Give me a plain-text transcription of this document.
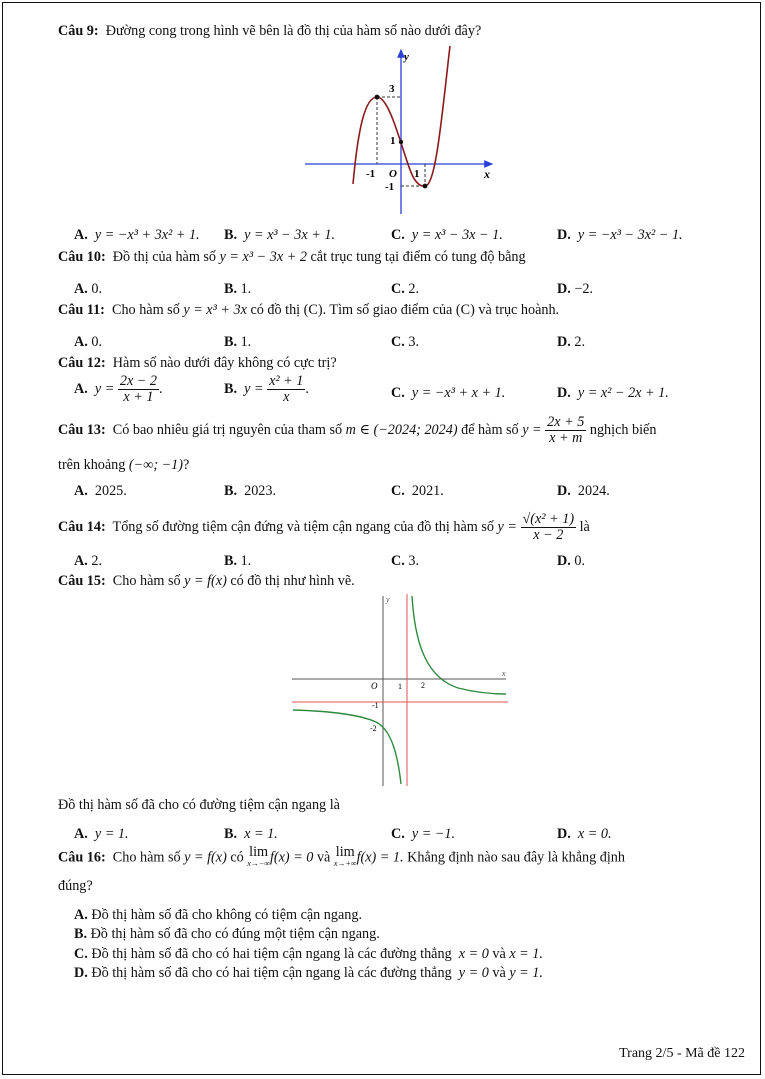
Câu 9: Đường cong trong hình vẽ bên là đồ thị của hàm số nào dưới đây?
y
x
3
1
-1 O 1
-1
A. y = −x³ + 3x² + 1. B. y = x³ − 3x + 1.	C. y = x³ − 3x − 1.	D. y = −x³ − 3x² − 1.
Câu 10: Đồ thị của hàm số y = x³ − 3x + 2 cắt trục tung tại điểm có tung độ bằng
A. 0.	B. 1.	C. 2.	D. −2.
Câu 11: Cho hàm số y = x³ + 3x có đồ thị (C). Tìm số giao điểm của (C) và trục hoành.
A. 0.	B. 1.	C. 3.	D. 2.
Câu 12: Hàm số nào dưới đây không có cực trị?
A. $y = \frac{2x - 2}{x + 1}$ .	B. $y = \frac{\text{x² + 1}}{x}$ .	C. y = −x³ + x + 1.	D. y = x² − 2x + 1.
Câu 13: Có bao nhiêu giá trị nguyên của tham số m ∈ (−2024; 2024) để hàm số $y = \frac{2x + 5}{x + m}$ nghịch biến
trên khoảng (−∞; −1)?
A. 2025.	B. 2023.	C. 2021.	D. 2024.
Câu 14: Tổng số đường tiệm cận đứng và tiệm cận ngang của đồ thị hàm số $y = \frac{\text{√(x² + 1)}}{x - 2}$ là
A. 2.	B. 1.	C. 3.	D. 0.
Câu 15: Cho hàm số y = f(x) có đồ thị như hình vẽ.
y
x
O	1 2
-1
-2
Đồ thị hàm số đã cho có đường tiệm cận ngang là
A. y = 1.	B. x = 1.	C. y = −1.	D. x = 0.
Câu 16: Cho hàm số y = f(x) có lim
x→−∞ f(x) = 0 và lim
x→+∞ f(x) = 1. Khẳng định nào sau đây là khẳng định
đúng?
A. Đồ thị hàm số đã cho không có tiệm cận ngang.
B. Đồ thị hàm số đã cho có đúng một tiệm cận ngang.
C. Đồ thị hàm số đã cho có hai tiệm cận ngang là các đường thẳng x = 0 và x = 1.
D. Đồ thị hàm số đã cho có hai tiệm cận ngang là các đường thẳng y = 0 và y = 1.
Trang 2/5 - Mã đề 122
